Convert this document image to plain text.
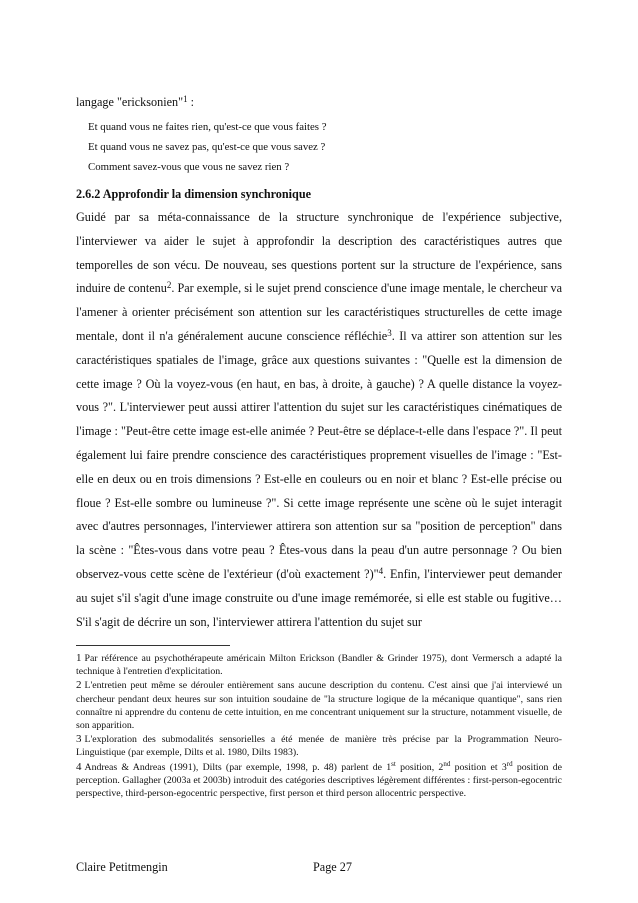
langage "ericksonien"$^1$ :
Et quand vous ne faites rien, qu'est-ce que vous faites ?
Et quand vous ne savez pas, qu'est-ce que vous savez ?
Comment savez-vous que vous ne savez rien ?
2.6.2 Approfondir la dimension synchronique
Guidé par sa méta-connaissance de la structure synchronique de l'expérience subjective, l'interviewer va aider le sujet à approfondir la description des caractéristiques autres que temporelles de son vécu. De nouveau, ses questions portent sur la structure de l'expérience, sans induire de contenu$^2$. Par exemple, si le sujet prend conscience d'une image mentale, le chercheur va l'amener à orienter précisément son attention sur les caractéristiques structurelles de cette image mentale, dont il n'a généralement aucune conscience réfléchie$^3$. Il va attirer son attention sur les caractéristiques spatiales de l'image, grâce aux questions suivantes : "Quelle est la dimension de cette image ? Où la voyez-vous (en haut, en bas, à droite, à gauche) ? A quelle distance la voyez-vous ?". L'interviewer peut aussi attirer l'attention du sujet sur les caractéristiques cinématiques de l'image : "Peut-être cette image est-elle animée ? Peut-être se déplace-t-elle dans l'espace ?". Il peut également lui faire prendre conscience des caractéristiques proprement visuelles de l'image : "Est-elle en deux ou en trois dimensions ? Est-elle en couleurs ou en noir et blanc ? Est-elle précise ou floue ? Est-elle sombre ou lumineuse ?". Si cette image représente une scène où le sujet interagit avec d'autres personnages, l'interviewer attirera son attention sur sa "position de perception" dans la scène : "Êtes-vous dans votre peau ? Êtes-vous dans la peau d'un autre personnage ? Ou bien observez-vous cette scène de l'extérieur (d'où exactement ?)"$^4$. Enfin, l'interviewer peut demander au sujet s'il s'agit d'une image construite ou d'une image remémorée, si elle est stable ou fugitive… S'il s'agit de décrire un son, l'interviewer attirera l'attention du sujet sur
1 Par référence au psychothérapeute américain Milton Erickson (Bandler & Grinder 1975), dont Vermersch a adapté la technique à l'entretien d'explicitation.
2 L'entretien peut même se dérouler entièrement sans aucune description du contenu. C'est ainsi que j'ai interviewé un chercheur pendant deux heures sur son intuition soudaine de "la structure logique de la mécanique quantique", sans rien connaître ni apprendre du contenu de cette intuition, en me concentrant uniquement sur la structure, notamment visuelle, de son apparition.
3 L'exploration des submodalités sensorielles a été menée de manière très précise par la Programmation Neuro-Linguistique (par exemple, Dilts et al. 1980, Dilts 1983).
4 Andreas & Andreas (1991), Dilts (par exemple, 1998, p. 48) parlent de 1st position, 2nd position et 3rd position de perception. Gallagher (2003a et 2003b) introduit des catégories descriptives légèrement différentes : first-person-egocentric perspective, third-person-egocentric perspective, first person et third person allocentric perspective.
Claire Petitmengin	Page 27
